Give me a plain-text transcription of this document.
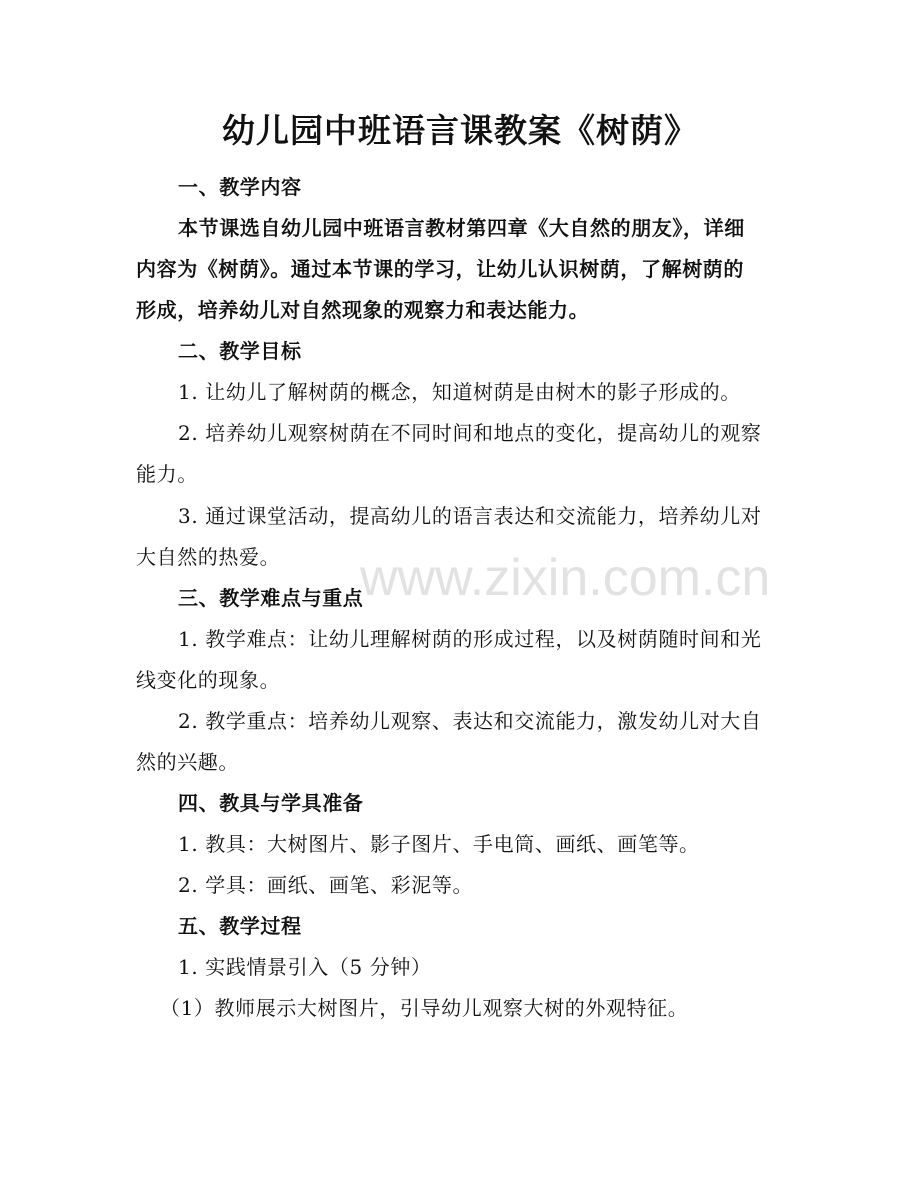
www.zixin.com.cn
幼儿园中班语言课教案《树荫》
一、教学内容
本节课选自幼儿园中班语言教材第四章《大自然的朋友》，详细
内容为《树荫》。通过本节课的学习，让幼儿认识树荫，了解树荫的
形成，培养幼儿对自然现象的观察力和表达能力。
二、教学目标
1. 让幼儿了解树荫的概念，知道树荫是由树木的影子形成的。
2. 培养幼儿观察树荫在不同时间和地点的变化，提高幼儿的观察
能力。
3. 通过课堂活动，提高幼儿的语言表达和交流能力，培养幼儿对
大自然的热爱。
三、教学难点与重点
1. 教学难点：让幼儿理解树荫的形成过程，以及树荫随时间和光
线变化的现象。
2. 教学重点：培养幼儿观察、表达和交流能力，激发幼儿对大自
然的兴趣。
四、教具与学具准备
1. 教具：大树图片、影子图片、手电筒、画纸、画笔等。
2. 学具：画纸、画笔、彩泥等。
五、教学过程
1. 实践情景引入（5 分钟）
（1）教师展示大树图片，引导幼儿观察大树的外观特征。
